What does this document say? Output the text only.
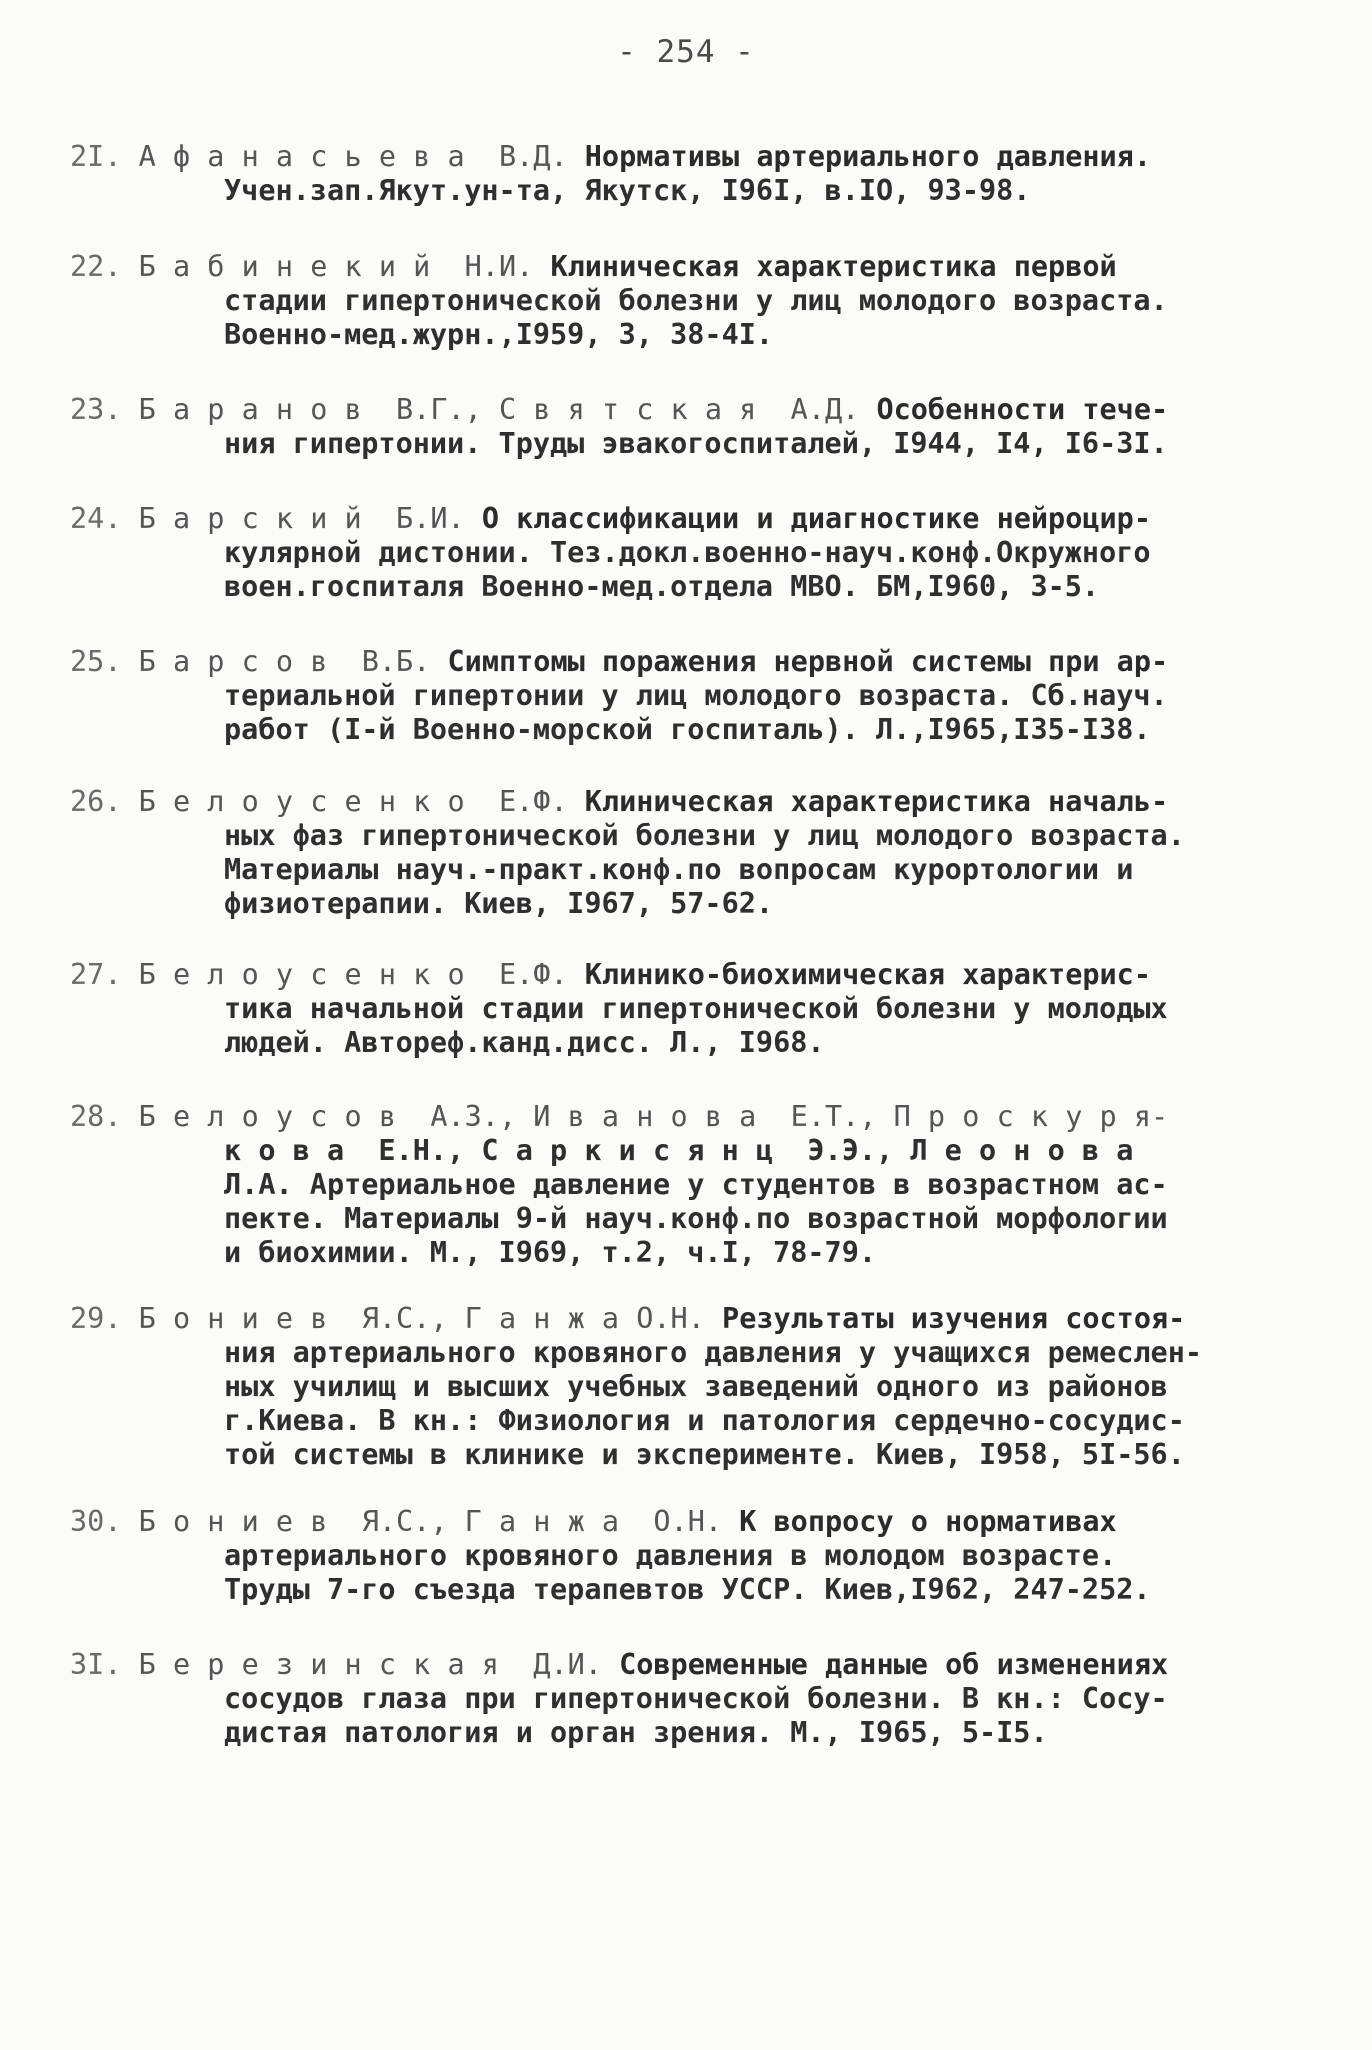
- 254 -
2I. А ф а н а с ь е в а  В.Д. Нормативы артериального давления.
Учен.зап.Якут.ун-та, Якутск, I96I, в.IO, 93-98.
22. Б а б и н е к и й  Н.И. Клиническая характеристика первой
стадии гипертонической болезни у лиц молодого возраста.
Военно-мед.журн.,I959, 3, 38-4I.
23. Б а р а н о в  В.Г., С в я т с к а я  А.Д. Особенности тече-
ния гипертонии. Труды эвакогоспиталей, I944, I4, I6-3I.
24. Б а р с к и й  Б.И. О классификации и диагностике нейроцир-
куляpной дистонии. Тез.докл.военно-науч.конф.Окружного
воен.госпиталя Военно-мед.отдела МВО. БМ,I960, 3-5.
25. Б а р с о в  В.Б. Симптомы поражения нервной системы при ар-
териальной гипертонии у лиц молодого возраста. Сб.науч.
работ (I-й Военно-морской госпиталь). Л.,I965,I35-I38.
26. Б е л о у с е н к о  Е.Ф. Клиническая характеристика началь-
ных фаз гипертонической болезни у лиц молодого возраста.
Материалы науч.-практ.конф.по вопросам курортологии и
физиотерапии. Киев, I967, 57-62.
27. Б е л о у с е н к о  Е.Ф. Клинико-биохимическая характерис-
тика начальной стадии гипертонической болезни у молодых
людей. Автореф.канд.дисс. Л., I968.
28. Б е л о у с о в  А.З., И в а н о в а  Е.Т., П р о с к у р я-
к о в а  Е.Н., С а р к и с я н ц  Э.Э., Л е о н о в а
Л.А. Артериальное давление у студентов в возрастном ас-
пекте. Материалы 9-й науч.конф.по возрастной морфологии
и биохимии. М., I969, т.2, ч.I, 78-79.
29. Б о н и е в  Я.С., Г а н ж а О.Н. Результаты изучения состоя-
ния артериального кровяного давления у учащихся ремеслен-
ных училищ и высших учебных заведений одного из районов
г.Киева. В кн.: Физиология и патология сердечно-сосудис-
той системы в клинике и эксперименте. Киев, I958, 5I-56.
30. Б о н и е в  Я.С., Г а н ж а  О.Н. К вопросу о нормативах
артериального кровяного давления в молодом возрасте.
Труды 7-го съезда терапевтов УССР. Киев,I962, 247-252.
3I. Б е р е з и н с к а я  Д.И. Современные данные об изменениях
сосудов глаза при гипертонической болезни. В кн.: Сосу-
дистая патология и орган зрения. М., I965, 5-I5.
